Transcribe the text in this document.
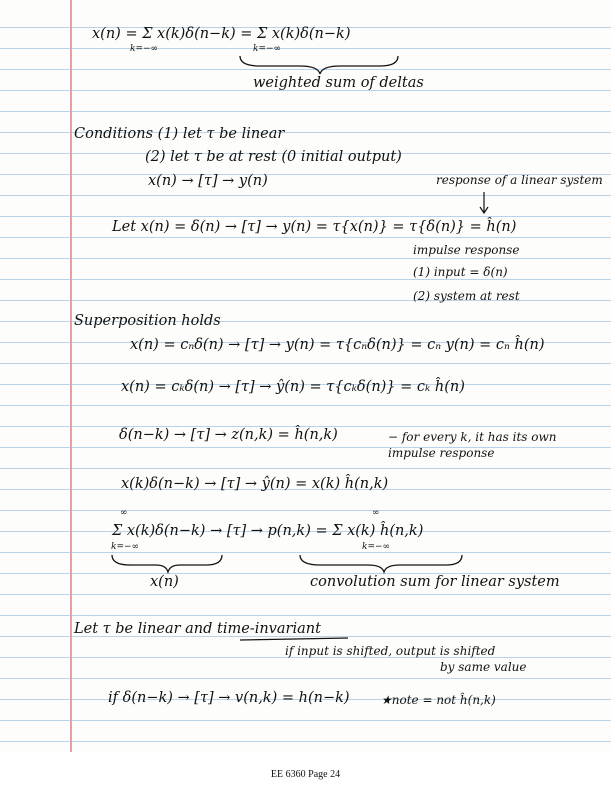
x(n) = Σ x(k)δ(n−k) = Σ x(k)δ(n−k)
k=−∞	k=−∞
weighted sum of deltas
Conditions (1) let τ be linear
(2) let τ be at rest (0 initial output)
x(n) → [τ] → y(n)	response of a linear system
Let x(n) = δ(n) → [τ] → y(n) = τ{x(n)} = τ{δ(n)} = ĥ(n)
impulse response
(1) input = δ(n)
(2) system at rest
Superposition holds
x(n) = cₙδ(n) → [τ] → y(n) = τ{cₙδ(n)} = cₙ y(n) = cₙ ĥ(n)
x(n) = cₖδ(n) → [τ] → ŷ(n) = τ{cₖδ(n)} = cₖ ĥ(n)
δ(n−k) → [τ] → z(n,k) = ĥ(n,k)	− for every k, it has its own
impulse response
x(k)δ(n−k) → [τ] → ŷ(n) = x(k) ĥ(n,k)
∞
Σ x(k)δ(n−k) → [τ] → p(n,k) = Σ x(k) ĥ(n,k)
k=−∞
∞
k=−∞
x(n)	convolution sum for linear system
Let τ be linear and time-invariant
if input is shifted, output is shifted
by same value
if δ(n−k) → [τ] → v(n,k) = h(n−k)	★note = not ĥ(n,k)
EE 6360 Page 24
